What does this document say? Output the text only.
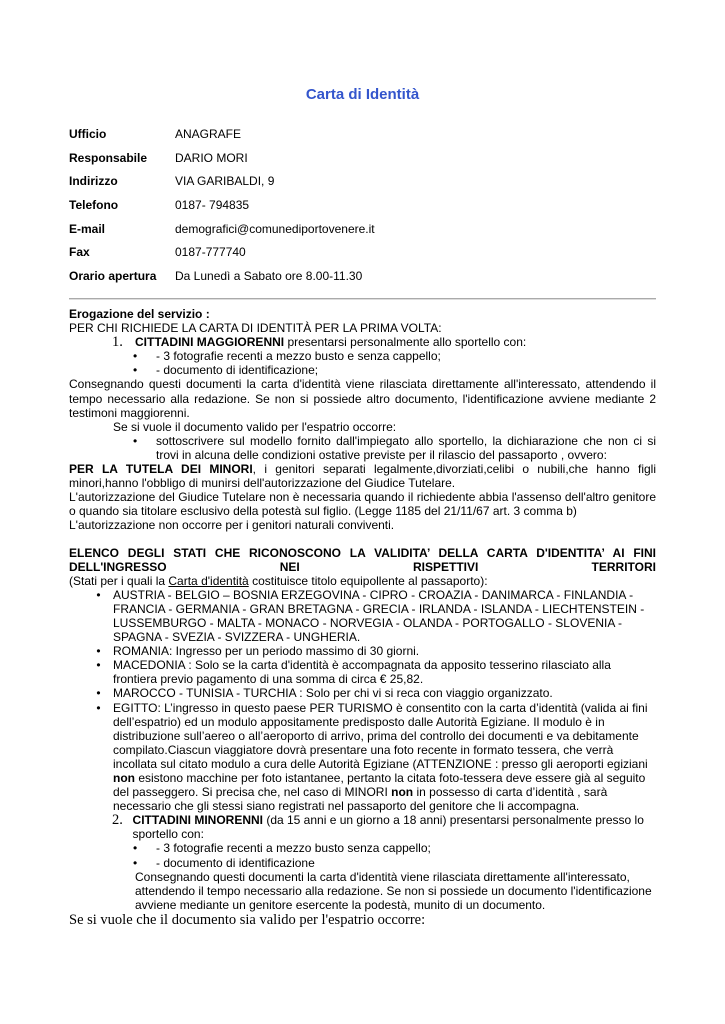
Carta di Identità
Ufficio	ANAGRAFE
Responsabile	DARIO MORI
Indirizzo	VIA GARIBALDI, 9
Telefono	0187- 794835
E-mail	demografici@comunediportovenere.it
Fax	0187-777740
Orario apertura	Da Lunedì a Sabato ore 8.00-11.30
Erogazione del servizio :
PER CHI RICHIEDE LA CARTA DI IDENTITÀ PER LA PRIMA VOLTA:
1.	CITTADINI MAGGIORENNI presentarsi personalmente allo sportello con:
•	- 3 fotografie recenti a mezzo busto e senza cappello;
•	- documento di identificazione;
Consegnando questi documenti la carta d'identità viene rilasciata direttamente all'interessato, attendendo il tempo necessario alla redazione. Se non si possiede altro documento, l'identificazione avviene mediante 2 testimoni maggiorenni.
Se si vuole il documento valido per l'espatrio occorre:
•	sottoscrivere sul modello fornito dall'impiegato allo sportello, la dichiarazione che non ci si trovi in alcuna delle condizioni ostative previste per il rilascio del passaporto , ovvero:
PER LA TUTELA DEI MINORI, i genitori separati legalmente,divorziati,celibi o nubili,che hanno figli minori,hanno l'obbligo di munirsi dell'autorizzazione del Giudice Tutelare.
L'autorizzazione del Giudice Tutelare non è necessaria quando il richiedente abbia l'assenso dell'altro genitore o quando sia titolare esclusivo della potestà sul figlio. (Legge 1185 del 21/11/67 art. 3 comma b)
L'autorizzazione non occorre per i genitori naturali conviventi.
ELENCO DEGLI STATI CHE RICONOSCONO LA VALIDITA’ DELLA CARTA D'IDENTITA’ AI FINI DELL'INGRESSO NEI RISPETTIVI TERRITORI
(Stati per i quali la Carta d'identità costituisce titolo equipollente al passaporto):
•	AUSTRIA - BELGIO – BOSNIA ERZEGOVINA - CIPRO - CROAZIA - DANIMARCA - FINLANDIA - FRANCIA - GERMANIA - GRAN BRETAGNA - GRECIA - IRLANDA - ISLANDA - LIECHTENSTEIN - LUSSEMBURGO - MALTA - MONACO - NORVEGIA - OLANDA - PORTOGALLO - SLOVENIA - SPAGNA - SVEZIA - SVIZZERA - UNGHERIA.
•	ROMANIA: Ingresso per un periodo massimo di 30 giorni.
•	MACEDONIA : Solo se la carta d'identità è accompagnata da apposito tesserino rilasciato alla frontiera previo pagamento di una somma di circa € 25,82.
•	MAROCCO - TUNISIA - TURCHIA : Solo per chi vi si reca con viaggio organizzato.
•	EGITTO: L’ingresso in questo paese PER TURISMO è consentito con la carta d’identità (valida ai fini dell’espatrio) ed un modulo appositamente predisposto dalle Autorità Egiziane. Il modulo è in distribuzione sull’aereo o all’aeroporto di arrivo, prima del controllo dei documenti e va debitamente compilato.Ciascun viaggiatore dovrà presentare una foto recente in formato tessera, che verrà incollata sul citato modulo a cura delle Autorità Egiziane (ATTENZIONE : presso gli aeroporti egiziani non esistono macchine per foto istantanee, pertanto la citata foto-tessera deve essere già al seguito del passeggero. Si precisa che, nel caso di MINORI non in possesso di carta d’identità , sarà necessario che gli stessi siano registrati nel passaporto del genitore che li accompagna.
2. CITTADINI MINORENNI (da 15 anni e un giorno a 18 anni) presentarsi personalmente presso lo sportello con:
•	- 3 fotografie recenti a mezzo busto senza cappello;
•	- documento di identificazione
Consegnando questi documenti la carta d'identità viene rilasciata direttamente all'interessato, attendendo il tempo necessario alla redazione. Se non si possiede un documento l'identificazione avviene mediante un genitore esercente la podestà, munito di un documento.
Se si vuole che il documento sia valido per l'espatrio occorre:
